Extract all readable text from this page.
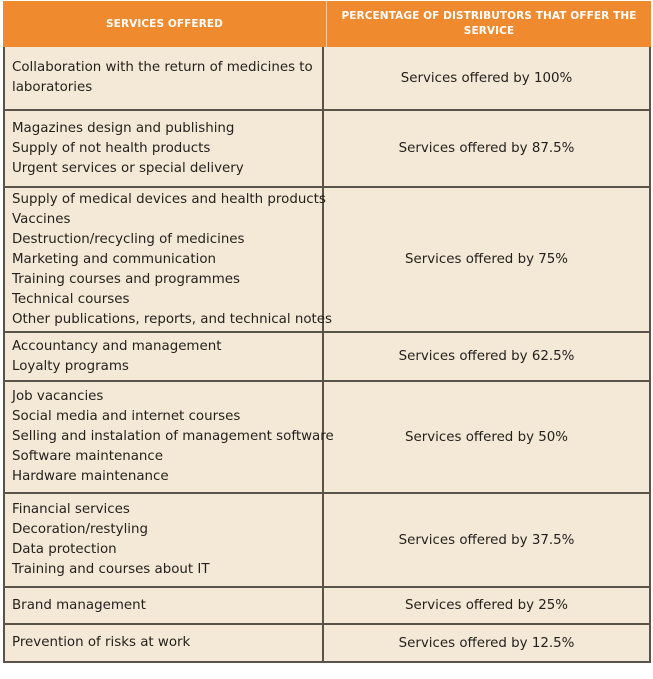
SERVICES OFFERED
PERCENTAGE OF DISTRIBUTORS THAT OFFER THE SERVICE
Collaboration with the return of medicines to laboratories
Services offered by 100%
Magazines design and publishing
Supply of not health products
Urgent services or special delivery
Services offered by 87.5%
Supply of medical devices and health products
Vaccines
Destruction/recycling of medicines
Marketing and communication
Training courses and programmes
Technical courses
Other publications, reports, and technical notes
Services offered by 75%
Accountancy and management
Loyalty programs
Services offered by 62.5%
Job vacancies
Social media and internet courses
Selling and instalation of management software
Software maintenance
Hardware maintenance
Services offered by 50%
Financial services
Decoration/restyling
Data protection
Training and courses about IT
Services offered by 37.5%
Brand management	Services offered by 25%
Prevention of risks at work	Services offered by 12.5%
